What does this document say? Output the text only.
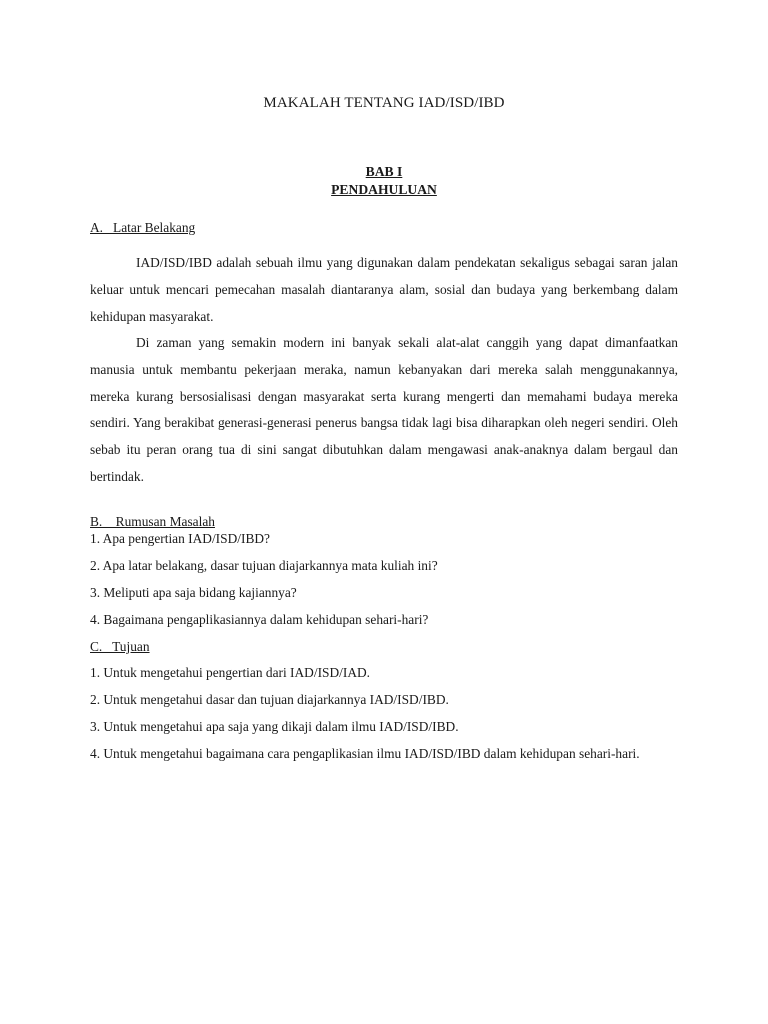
MAKALAH TENTANG IAD/ISD/IBD
BAB I
PENDAHULUAN
A.   Latar Belakang
IAD/ISD/IBD adalah sebuah ilmu yang digunakan dalam pendekatan sekaligus sebagai saran jalan keluar untuk mencari pemecahan masalah diantaranya alam, sosial dan budaya yang berkembang dalam kehidupan masyarakat.
Di zaman yang semakin modern ini banyak sekali alat-alat canggih yang dapat dimanfaatkan manusia untuk membantu pekerjaan meraka, namun kebanyakan dari mereka salah menggunakannya, mereka kurang bersosialisasi dengan masyarakat serta kurang mengerti dan memahami budaya mereka sendiri. Yang berakibat generasi-generasi penerus bangsa tidak lagi bisa diharapkan oleh negeri sendiri. Oleh sebab itu peran orang tua di sini sangat dibutuhkan dalam mengawasi anak-anaknya dalam bergaul dan bertindak.
B.    Rumusan Masalah
1. Apa pengertian IAD/ISD/IBD?
2. Apa latar belakang, dasar tujuan diajarkannya mata kuliah ini?
3. Meliputi apa saja bidang kajiannya?
4. Bagaimana pengaplikasiannya dalam kehidupan sehari-hari?
C.   Tujuan
1. Untuk mengetahui pengertian dari IAD/ISD/IAD.
2. Untuk mengetahui dasar dan tujuan diajarkannya IAD/ISD/IBD.
3. Untuk mengetahui apa saja yang dikaji dalam ilmu IAD/ISD/IBD.
4. Untuk mengetahui bagaimana cara pengaplikasian ilmu IAD/ISD/IBD dalam kehidupan sehari-hari.
